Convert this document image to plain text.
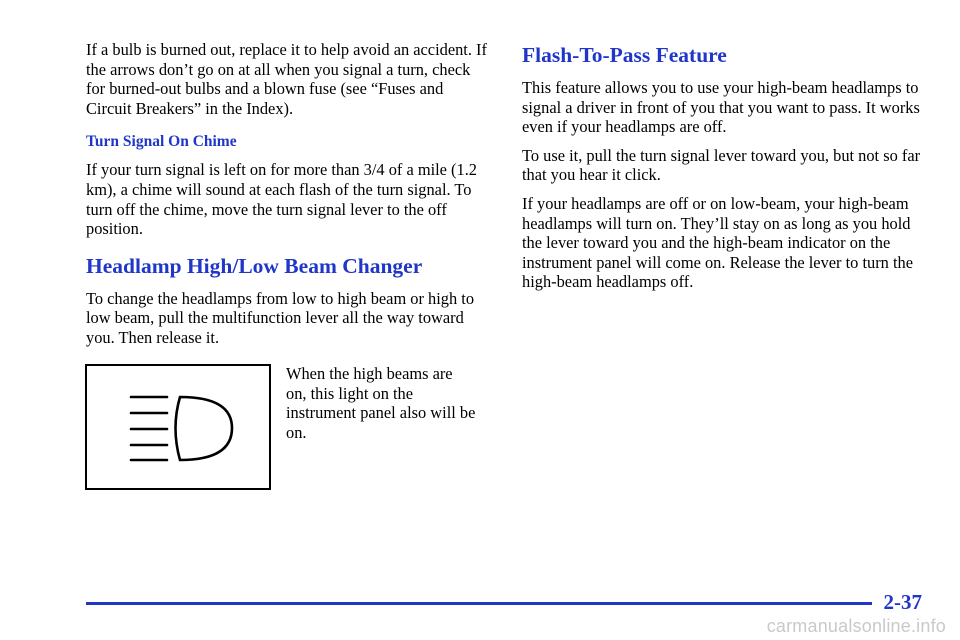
If a bulb is burned out, replace it to help avoid an accident. If the arrows don’t go on at all when you signal a turn, check for burned-out bulbs and a blown fuse (see “Fuses and Circuit Breakers” in the Index).

Turn Signal On Chime

If your turn signal is left on for more than 3/4 of a mile (1.2 km), a chime will sound at each flash of the turn signal. To turn off the chime, move the turn signal lever to the off position.

Headlamp High/Low Beam Changer

To change the headlamps from low to high beam or high to low beam, pull the multifunction lever all the way toward you. Then release it.

When the high beams are on, this light on the instrument panel also will be on.
Flash-To-Pass Feature

This feature allows you to use your high-beam headlamps to signal a driver in front of you that you want to pass. It works even if your headlamps are off.

To use it, pull the turn signal lever toward you, but not so far that you hear it click.

If your headlamps are off or on low-beam, your high-beam headlamps will turn on. They’ll stay on as long as you hold the lever toward you and the high-beam indicator on the instrument panel will come on. Release the lever to turn the high-beam headlamps off.

2-37
carmanualsonline.info
